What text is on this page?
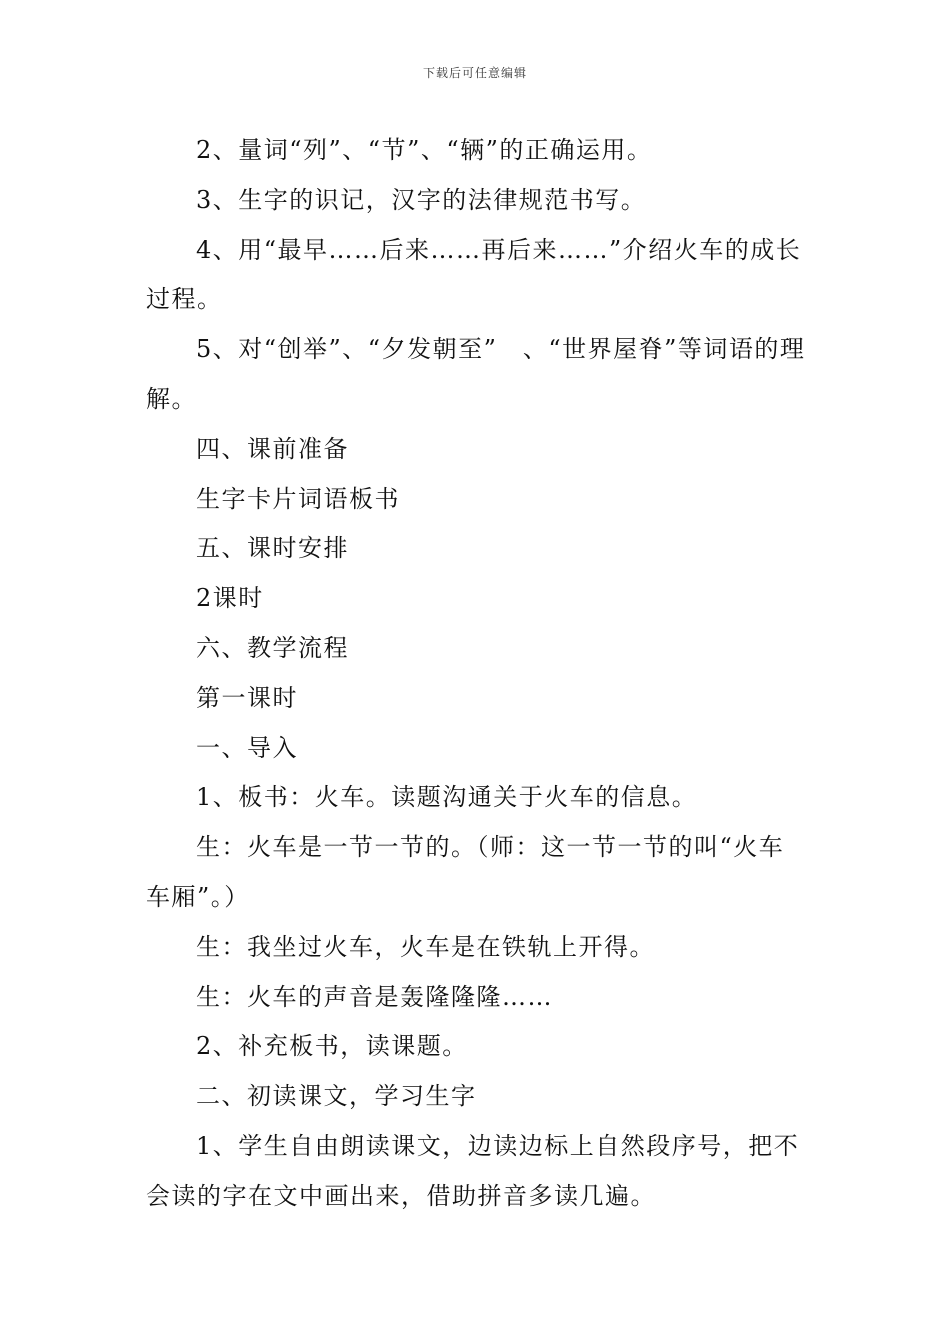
下载后可任意编辑

2、量词“列”、“节”、“辆”的正确运用。

3、生字的识记，汉字的法律规范书写。

4、用“最早……后来……再后来……”介绍火车的成长过程。

5、对“创举”、“夕发朝至”　、“世界屋脊”等词语的理解。

四、课前准备

生字卡片词语板书

五、课时安排

2课时

六、教学流程

第一课时

一、导入

1、板书：火车。读题沟通关于火车的信息。

生：火车是一节一节的。（师：这一节一节的叫“火车车厢”。）

生：我坐过火车，火车是在铁轨上开得。

生：火车的声音是轰隆隆隆……

2、补充板书，读课题。

二、初读课文，学习生字

1、学生自由朗读课文，边读边标上自然段序号，把不会读的字在文中画出来，借助拼音多读几遍。
